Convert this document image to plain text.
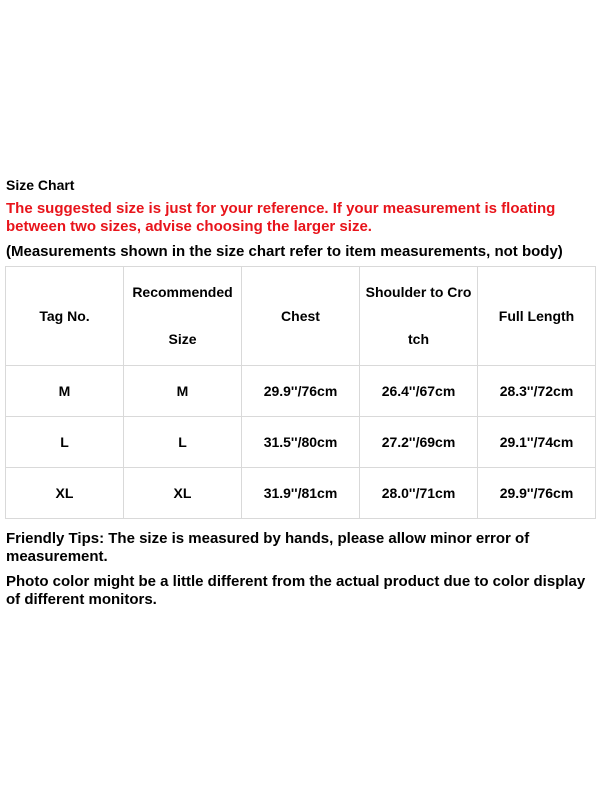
Size Chart
The suggested size is just for your reference. If your measurement is floating between two sizes, advise choosing the larger size.
(Measurements shown in the size chart refer to item measurements, not body)
Tag No.	Recommended Size	Chest	Shoulder to Crotch	Full Length
M	M	29.9''/76cm	26.4''/67cm	28.3''/72cm
L	L	31.5''/80cm	27.2''/69cm	29.1''/74cm
XL	XL	31.9''/81cm	28.0''/71cm	29.9''/76cm
Friendly Tips: The size is measured by hands, please allow minor error of measurement.
Photo color might be a little different from the actual product due to color display of different monitors.
